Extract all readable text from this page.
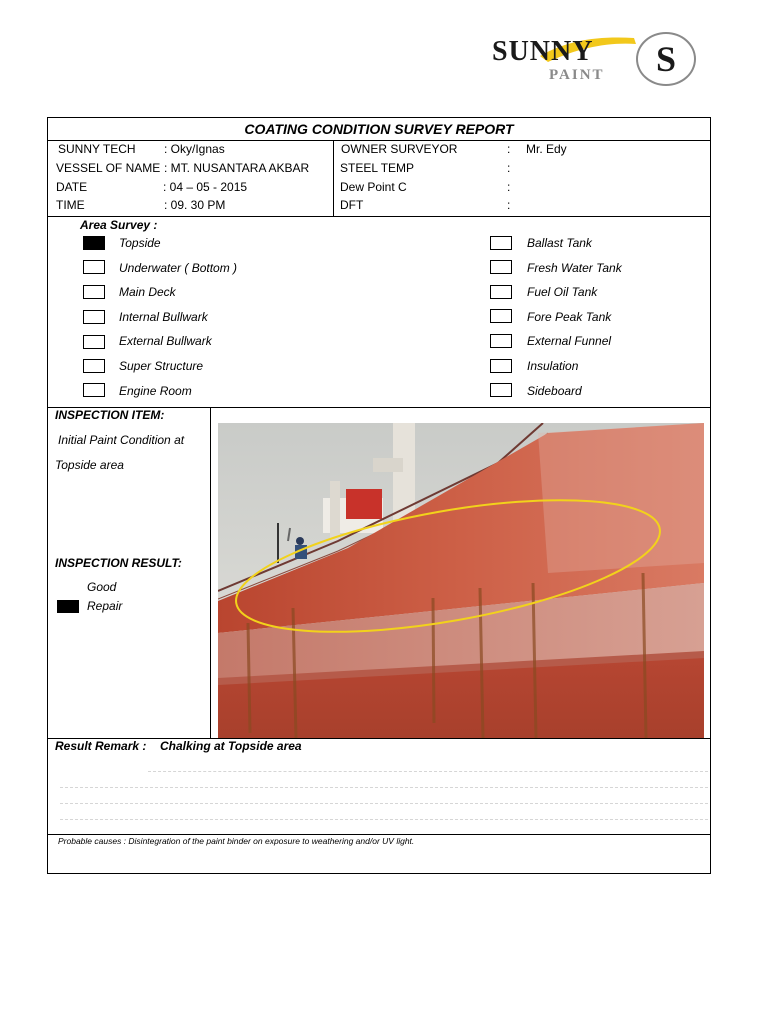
SUNNY
PAINT S
COATING CONDITION SURVEY REPORT
SUNNY TECH : Oky/Ignas
VESSEL OF NAME : MT. NUSANTARA AKBAR
DATE	: 04 – 05 - 2015
TIME	: 09. 30 PM
OWNER SURVEYOR	: Mr. Edy
STEEL TEMP	:
Dew Point C	:
DFT	:
Area Survey :
Topside
Underwater ( Bottom )
Main Deck
Internal Bullwark
External Bullwark
Super Structure
Engine Room
Ballast Tank
Fresh Water Tank
Fuel Oil Tank
Fore Peak Tank
External Funnel
Insulation
Sideboard
INSPECTION ITEM:
Initial Paint Condition at
Topside area
INSPECTION RESULT:
Good
Repair
Result Remark : Chalking at Topside area
Probable causes : Disintegration of the paint binder on exposure to weathering and/or UV light.
